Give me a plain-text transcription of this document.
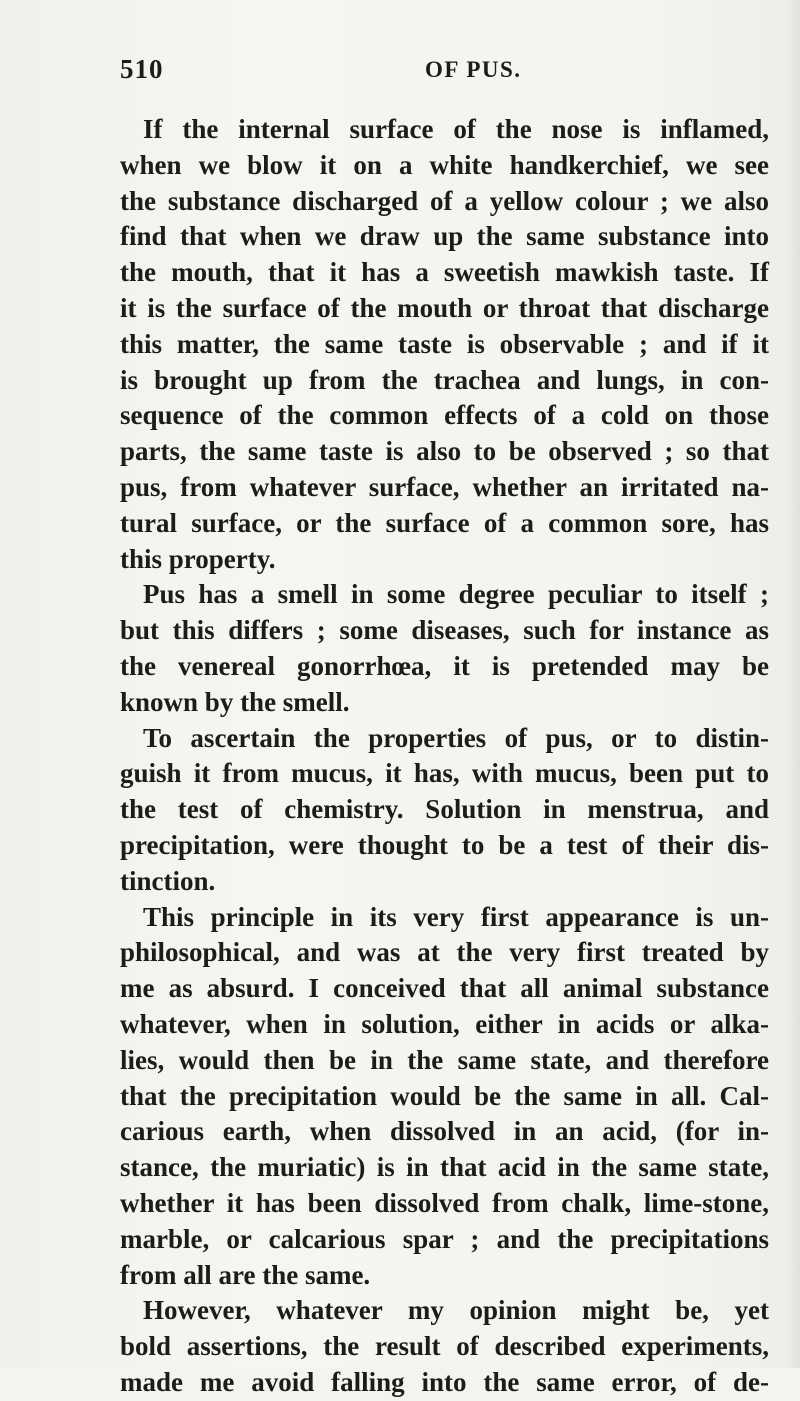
510	OF PUS.
If the internal surface of the nose is inflamed,
when we blow it on a white handkerchief, we see
the substance discharged of a yellow colour ; we also
find that when we draw up the same substance into
the mouth, that it has a sweetish mawkish taste. If
it is the surface of the mouth or throat that discharge
this matter, the same taste is observable ; and if it
is brought up from the trachea and lungs, in con-
sequence of the common effects of a cold on those
parts, the same taste is also to be observed ; so that
pus, from whatever surface, whether an irritated na-
tural surface, or the surface of a common sore, has
this property.
Pus has a smell in some degree peculiar to itself ;
but this differs ; some diseases, such for instance as
the venereal gonorrhœa, it is pretended may be
known by the smell.
To ascertain the properties of pus, or to distin-
guish it from mucus, it has, with mucus, been put to
the test of chemistry. Solution in menstrua, and
precipitation, were thought to be a test of their dis-
tinction.
This principle in its very first appearance is un-
philosophical, and was at the very first treated by
me as absurd. I conceived that all animal substance
whatever, when in solution, either in acids or alka-
lies, would then be in the same state, and therefore
that the precipitation would be the same in all. Cal-
carious earth, when dissolved in an acid, (for in-
stance, the muriatic) is in that acid in the same state,
whether it has been dissolved from chalk, lime-stone,
marble, or calcarious spar ; and the precipitations
from all are the same.
However, whatever my opinion might be, yet
bold assertions, the result of described experiments,
made me avoid falling into the same error, of de-
